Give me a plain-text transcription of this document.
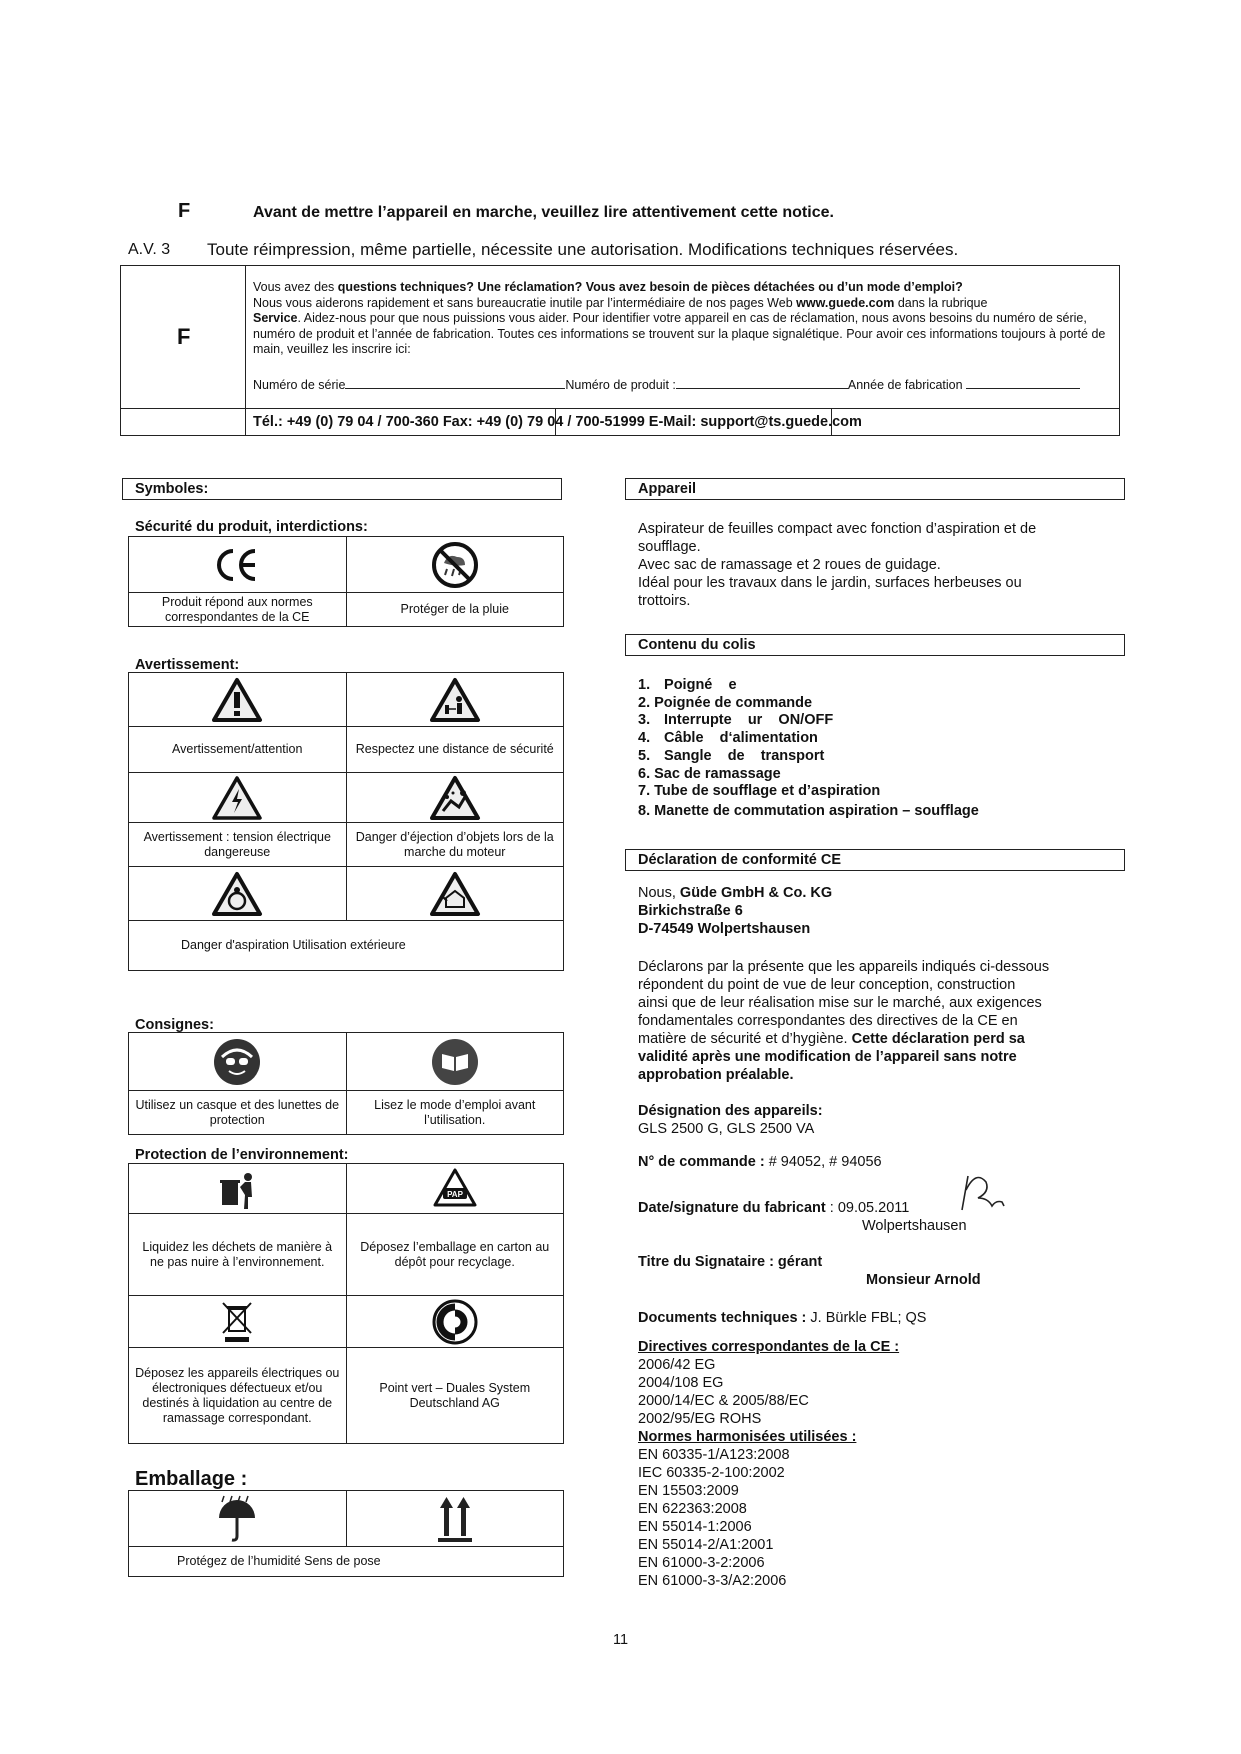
F	Avant de mettre l’appareil en marche, veuillez lire attentivement cette notice.
A.V. 3 Toute réimpression, même partielle, nécessite une autorisation. Modifications techniques réservées.
F
Vous avez des questions techniques? Une réclamation? Vous avez besoin de pièces détachées ou d’un mode d’emploi?
Nous vous aiderons rapidement et sans bureaucratie inutile par l’intermédiaire de nos pages Web www.guede.com dans la rubrique
Service. Aidez-nous pour que nous puissions vous aider. Pour identifier votre appareil en cas de réclamation, nous avons besoins du numéro de série, numéro de produit et l’année de fabrication. Toutes ces informations se trouvent sur la plaque signalétique. Pour avoir ces informations toujours à porté de main, veuillez les inscrire ici:
Numéro de série	Numéro de produit :	Année de fabrication
Tél.: +49 (0) 79 04 / 700-360 Fax: +49 (0) 79 04 / 700-51999 E-Mail: support@ts.guede.com
Symboles:
Sécurité du produit, interdictions:

Produit répond aux normes correspondantes de la CE	Protéger de la pluie
Avertissement:

Avertissement/attention	Respectez une distance de sécurité

Avertissement : tension électrique dangereuse	Danger d’éjection d’objets lors de la marche du moteur

Danger d'aspiration Utilisation extérieure	
Consignes:

Utilisez un casque et des lunettes de protection	Lisez le mode d’emploi avant l’utilisation.
Protection de l’environnement:

PAP

Liquidez les déchets de manière à ne pas nuire à l’environnement.	Déposez l’emballage en carton au dépôt pour recyclage.

Déposez les appareils électriques ou électroniques défectueux et/ou destinés à liquidation au centre de ramassage correspondant.	Point vert – Duales System Deutschland AG
Emballage :

Protégez de l’humidité Sens de pose
Appareil
Aspirateur de feuilles compact avec fonction d’aspiration et de
soufflage.
Avec sac de ramassage et 2 roues de guidage.
Idéal pour les travaux dans le jardin, surfaces herbeuses ou
trottoirs.
Contenu du colis
1. Poigné    e
2. Poignée de commande
3. Interrupte    ur    ON/OFF
4. Câble    d‘alimentation
5. Sangle    de    transport
6. Sac de ramassage
7. Tube de soufflage et d’aspiration
8. Manette de commutation aspiration – soufflage
Déclaration de conformité CE
Nous, Güde GmbH & Co. KG
Birkichstraße 6
D-74549 Wolpertshausen
Déclarons par la présente que les appareils indiqués ci-dessous
répondent du point de vue de leur conception, construction
ainsi que de leur réalisation mise sur le marché, aux exigences
fondamentales correspondantes des directives de la CE en
matière de sécurité et d’hygiène. Cette déclaration perd sa
validité après une modification de l’appareil sans notre
approbation préalable.
Désignation des appareils:
GLS 2500 G, GLS 2500 VA
N° de commande : # 94052, # 94056
Date/signature du fabricant : 09.05.2011
Wolpertshausen
Titre du Signataire : gérant
Monsieur Arnold
Documents techniques : J. Bürkle FBL; QS
Directives correspondantes de la CE :
2006/42 EG
2004/108 EG
2000/14/EC & 2005/88/EC
2002/95/EG ROHS
Normes harmonisées utilisées :
EN 60335-1/A123:2008
IEC 60335-2-100:2002
EN 15503:2009
EN 622363:2008
EN 55014-1:2006
EN 55014-2/A1:2001
EN 61000-3-2:2006
EN 61000-3-3/A2:2006
11
